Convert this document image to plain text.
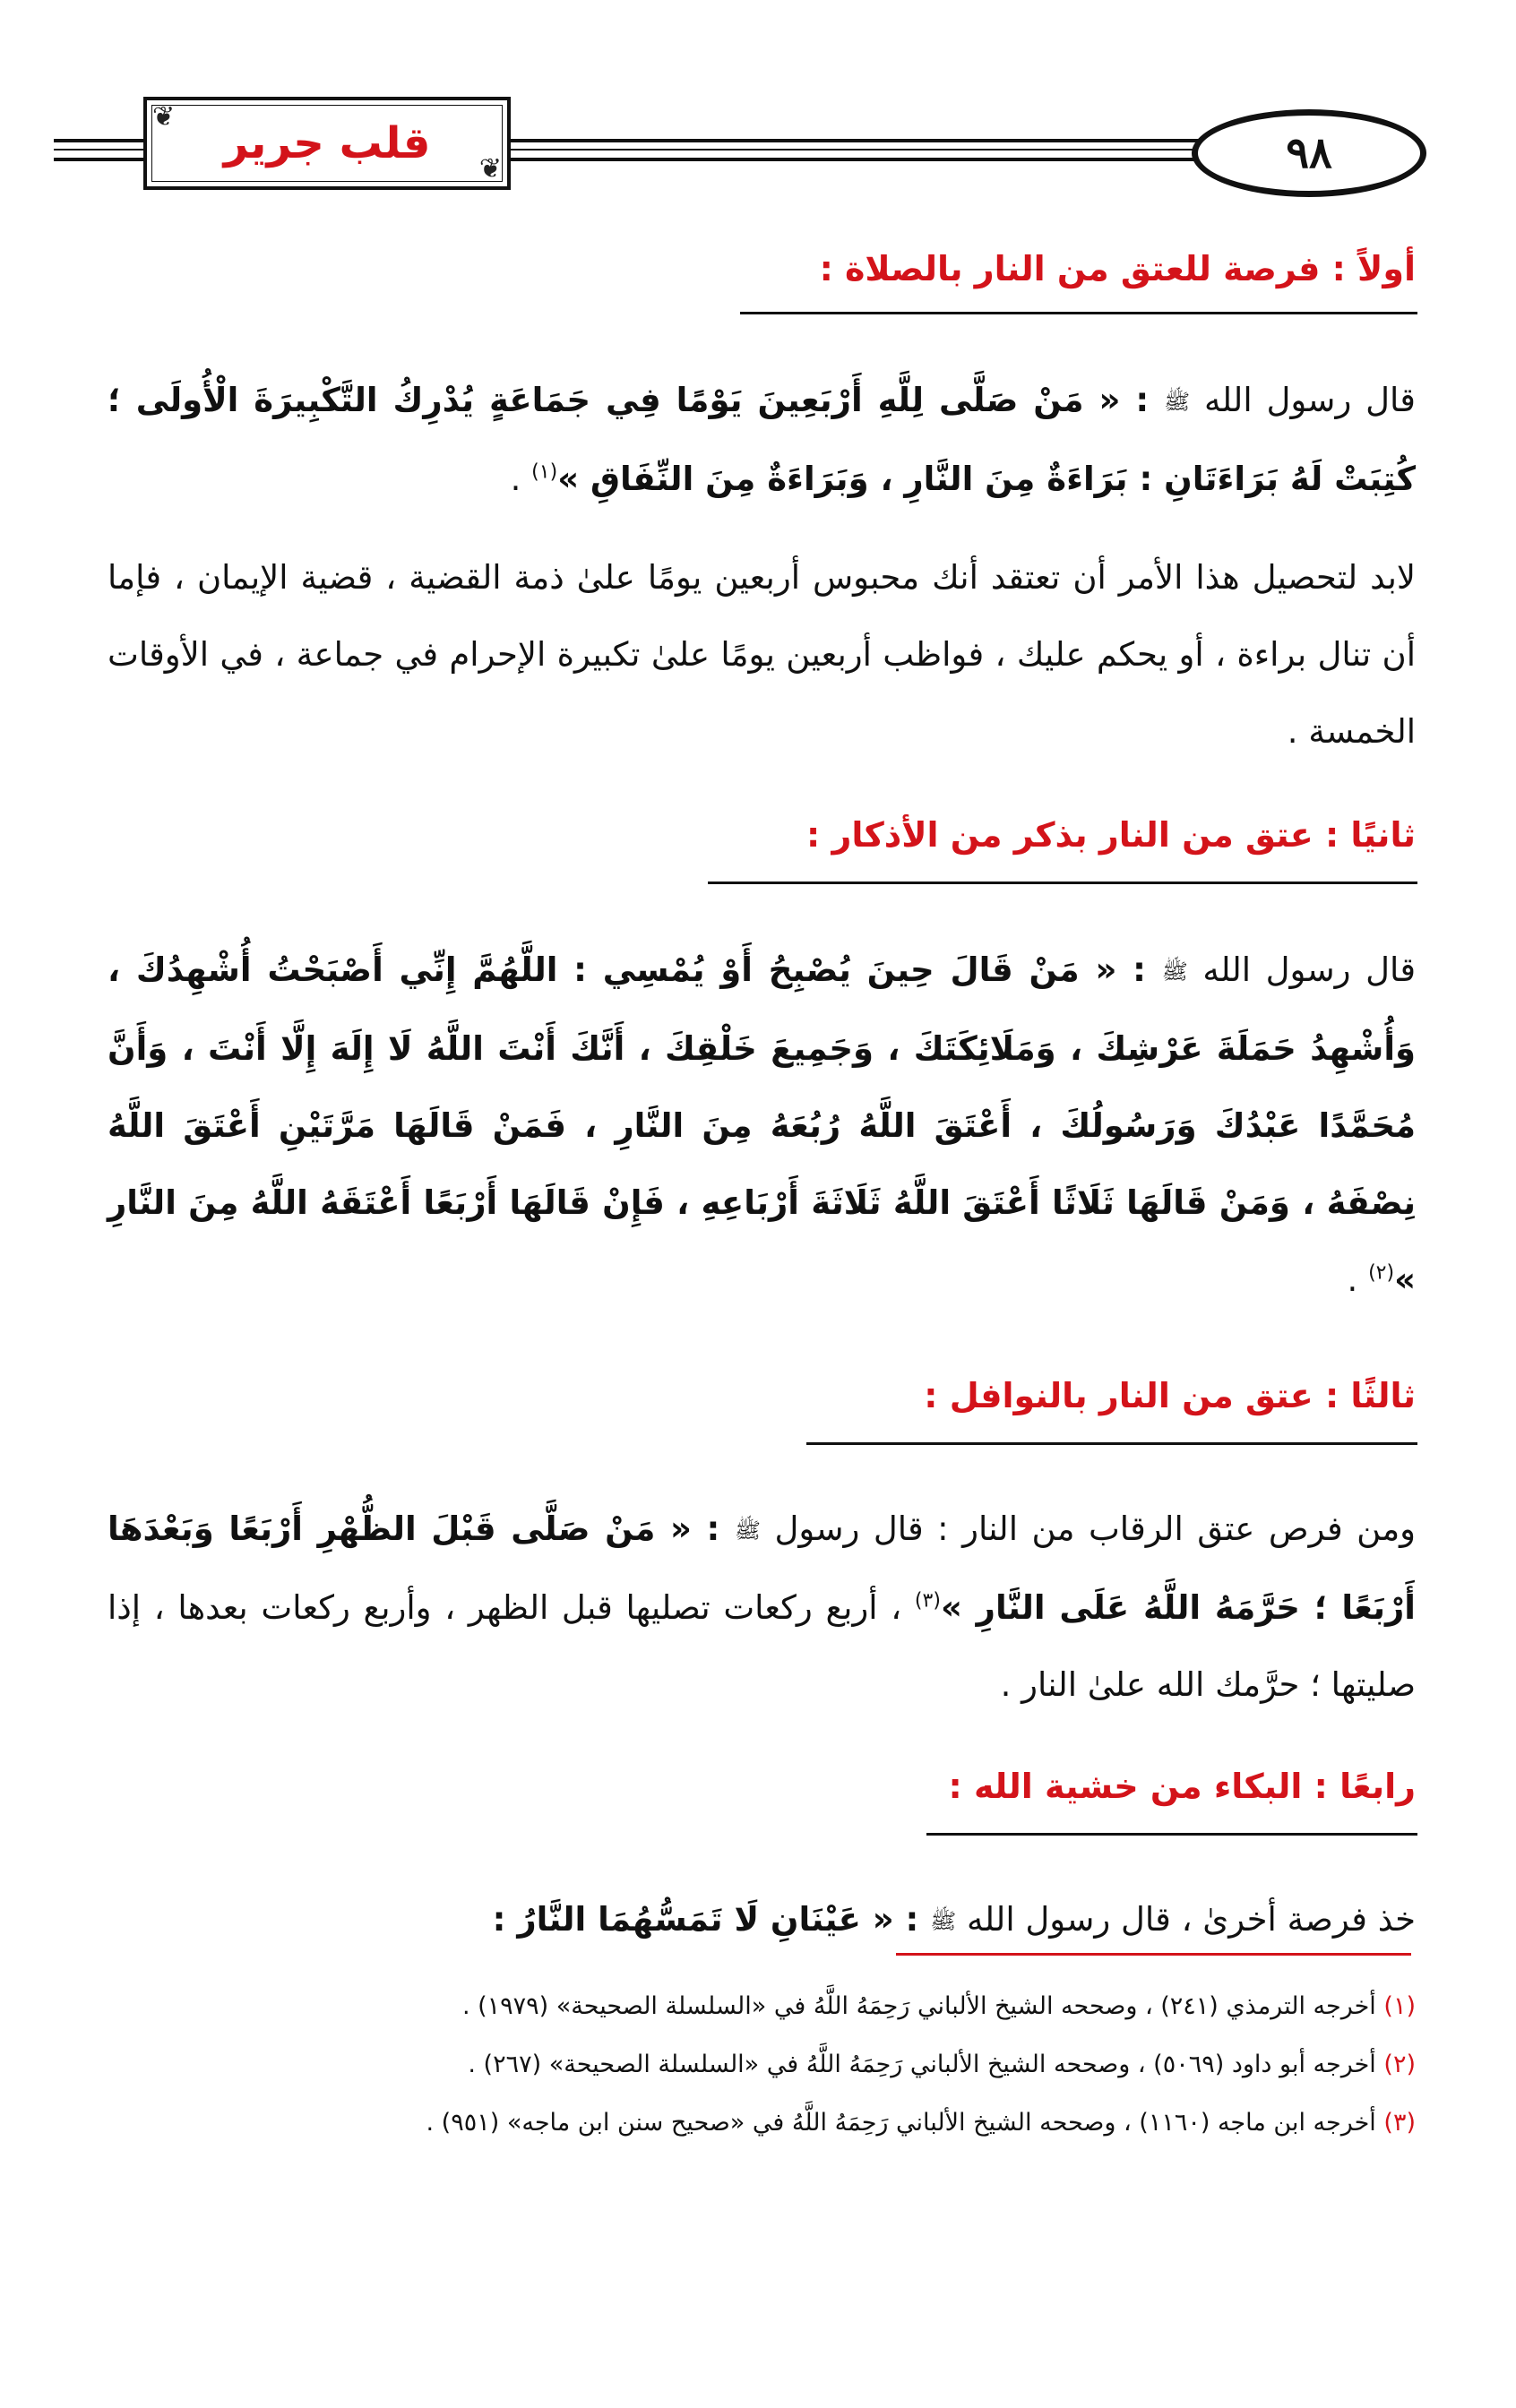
❦
❦
قلب جرير	٩٨
أولاً : فرصة للعتق من النار بالصلاة :

قال رسول الله ﷺ : « مَنْ صَلَّى لِلَّهِ أَرْبَعِينَ يَوْمًا فِي جَمَاعَةٍ يُدْرِكُ التَّكْبِيرَةَ الْأُولَى ؛ كُتِبَتْ لَهُ بَرَاءَتَانِ : بَرَاءَةٌ مِنَ النَّارِ ، وَبَرَاءَةٌ مِنَ النِّفَاقِ »$^{(١)}$ .

لابد لتحصيل هذا الأمر أن تعتقد أنك محبوس أربعين يومًا علىٰ ذمة القضية ، قضية الإيمان ، فإما أن تنال براءة ، أو يحكم عليك ، فواظب أربعين يومًا علىٰ تكبيرة الإحرام في جماعة ، في الأوقات الخمسة .

ثانيًا : عتق من النار بذكر من الأذكار :

قال رسول الله ﷺ : « مَنْ قَالَ حِينَ يُصْبِحُ أَوْ يُمْسِي : اللَّهُمَّ إِنِّي أَصْبَحْتُ أُشْهِدُكَ ، وَأُشْهِدُ حَمَلَةَ عَرْشِكَ ، وَمَلَائِكَتَكَ ، وَجَمِيعَ خَلْقِكَ ، أَنَّكَ أَنْتَ اللَّهُ لَا إِلَهَ إِلَّا أَنْتَ ، وَأَنَّ مُحَمَّدًا عَبْدُكَ وَرَسُولُكَ ، أَعْتَقَ اللَّهُ رُبُعَهُ مِنَ النَّارِ ، فَمَنْ قَالَهَا مَرَّتَيْنِ أَعْتَقَ اللَّهُ نِصْفَهُ ، وَمَنْ قَالَهَا ثَلَاثًا أَعْتَقَ اللَّهُ ثَلَاثَةَ أَرْبَاعِهِ ، فَإِنْ قَالَهَا أَرْبَعًا أَعْتَقَهُ اللَّهُ مِنَ النَّارِ »$^{(٢)}$ .

ثالثًا : عتق من النار بالنوافل :

ومن فرص عتق الرقاب من النار : قال رسول ﷺ : « مَنْ صَلَّى قَبْلَ الظُّهْرِ أَرْبَعًا وَبَعْدَهَا أَرْبَعًا ؛ حَرَّمَهُ اللَّهُ عَلَى النَّارِ »$^{(٣)}$ ، أربع ركعات تصليها قبل الظهر ، وأربع ركعات بعدها ، إذا صليتها ؛ حرَّمك الله علىٰ النار .

رابعًا : البكاء من خشية الله :

خذ فرصة أخرىٰ ، قال رسول الله ﷺ : « عَيْنَانِ لَا تَمَسُّهُمَا النَّارُ :

(١) أخرجه الترمذي (٢٤١) ، وصححه الشيخ الألباني رَحِمَهُ اللَّهُ في «السلسلة الصحيحة» (١٩٧٩) .

(٢) أخرجه أبو داود (٥٠٦٩) ، وصححه الشيخ الألباني رَحِمَهُ اللَّهُ في «السلسلة الصحيحة» (٢٦٧) .

(٣) أخرجه ابن ماجه (١١٦٠) ، وصححه الشيخ الألباني رَحِمَهُ اللَّهُ في «صحيح سنن ابن ماجه» (٩٥١) .
